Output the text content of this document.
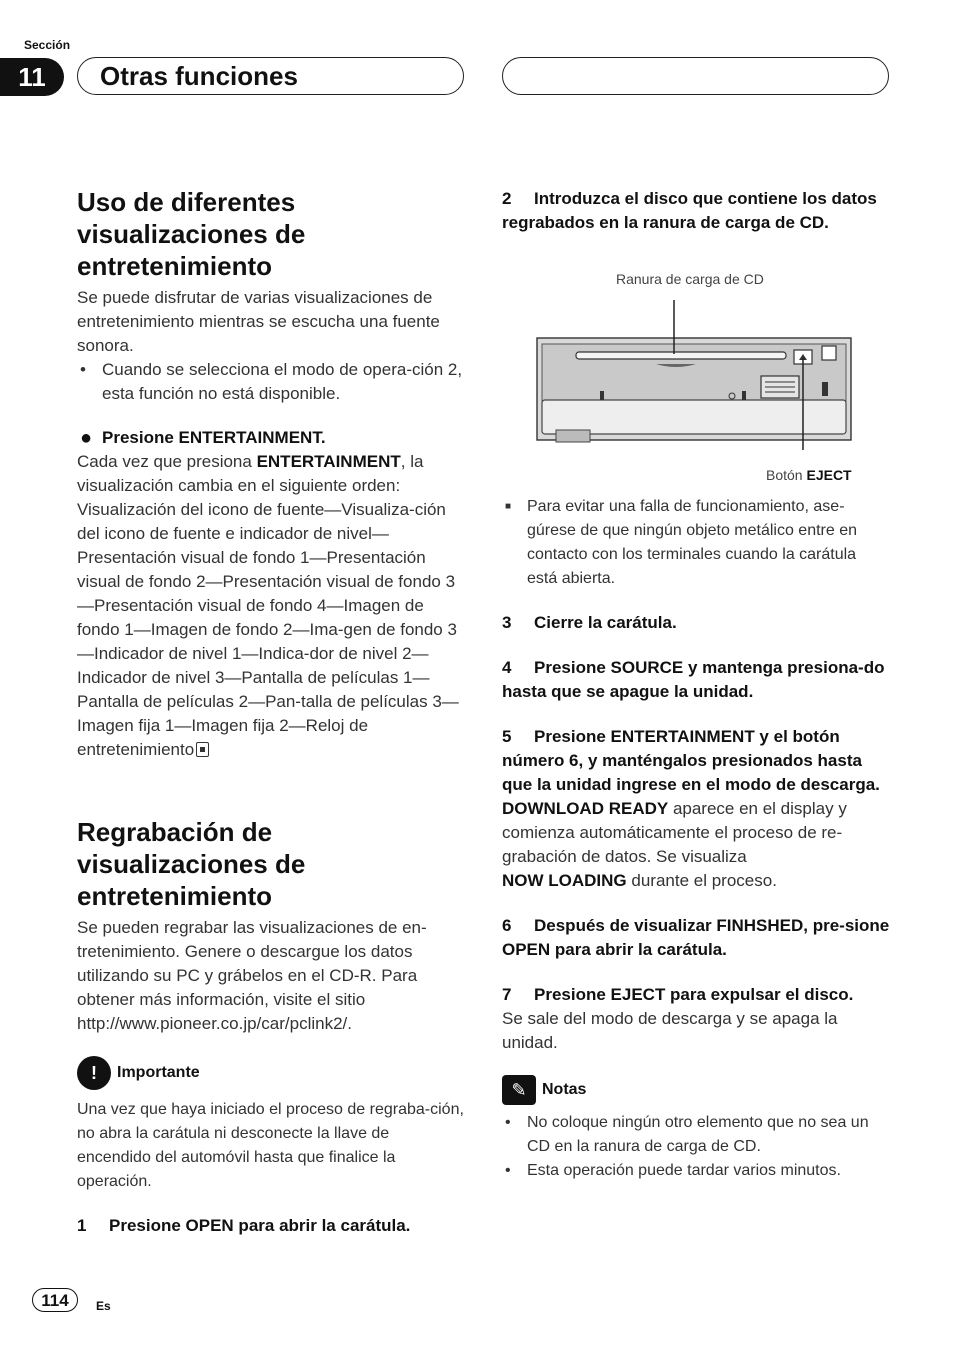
Sección
11	Otras funciones
Uso de diferentes
visualizaciones de
entretenimiento

Se puede disfrutar de varias visualizaciones de entretenimiento mientras se escucha una fuente sonora.

• Cuando se selecciona el modo de opera-ción 2, esta función no está disponible.
● Presione ENTERTAINMENT.

Cada vez que presiona ENTERTAINMENT, la visualización cambia en el siguiente orden: Visualización del icono de fuente—Visualiza-ción del icono de fuente e indicador de nivel—Presentación visual de fondo 1—Presentación visual de fondo 2—Presentación visual de fondo 3—Presentación visual de fondo 4—Imagen de fondo 1—Imagen de fondo 2—Ima-gen de fondo 3—Indicador de nivel 1—Indica-dor de nivel 2—Indicador de nivel 3—Pantalla de películas 1—Pantalla de películas 2—Pan-talla de películas 3—Imagen fija 1—Imagen fija 2—Reloj de entretenimiento

Regrabación de
visualizaciones de
entretenimiento

Se pueden regrabar las visualizaciones de en-tretenimiento. Genere o descargue los datos utilizando su PC y grábelos en el CD-R. Para obtener más información, visite el sitio http://www.pioneer.co.jp/car/pclink2/.

!	Importante

Una vez que haya iniciado el proceso de regraba-ción, no abra la carátula ni desconecte la llave de encendido del automóvil hasta que finalice la operación.

1 Presione OPEN para abrir la carátula.
2 Introduzca el disco que contiene los datos regrabados en la ranura de carga de CD.
Ranura de carga de CD
Botón EJECT
■ Para evitar una falla de funcionamiento, ase-gúrese de que ningún objeto metálico entre en contacto con los terminales cuando la carátula está abierta.
3 Cierre la carátula.
4 Presione SOURCE y mantenga presiona-do hasta que se apague la unidad.
5 Presione ENTERTAINMENT y el botón número 6, y manténgalos presionados hasta que la unidad ingrese en el modo de descarga.

DOWNLOAD READY aparece en el display y comienza automáticamente el proceso de re-grabación de datos. Se visualiza
NOW LOADING durante el proceso.

6 Después de visualizar FINHSHED, pre-sione OPEN para abrir la carátula.
7 Presione EJECT para expulsar el disco.

Se sale del modo de descarga y se apaga la unidad.

✎ Notas
• No coloque ningún otro elemento que no sea un CD en la ranura de carga de CD.
• Esta operación puede tardar varios minutos.
114	Es
